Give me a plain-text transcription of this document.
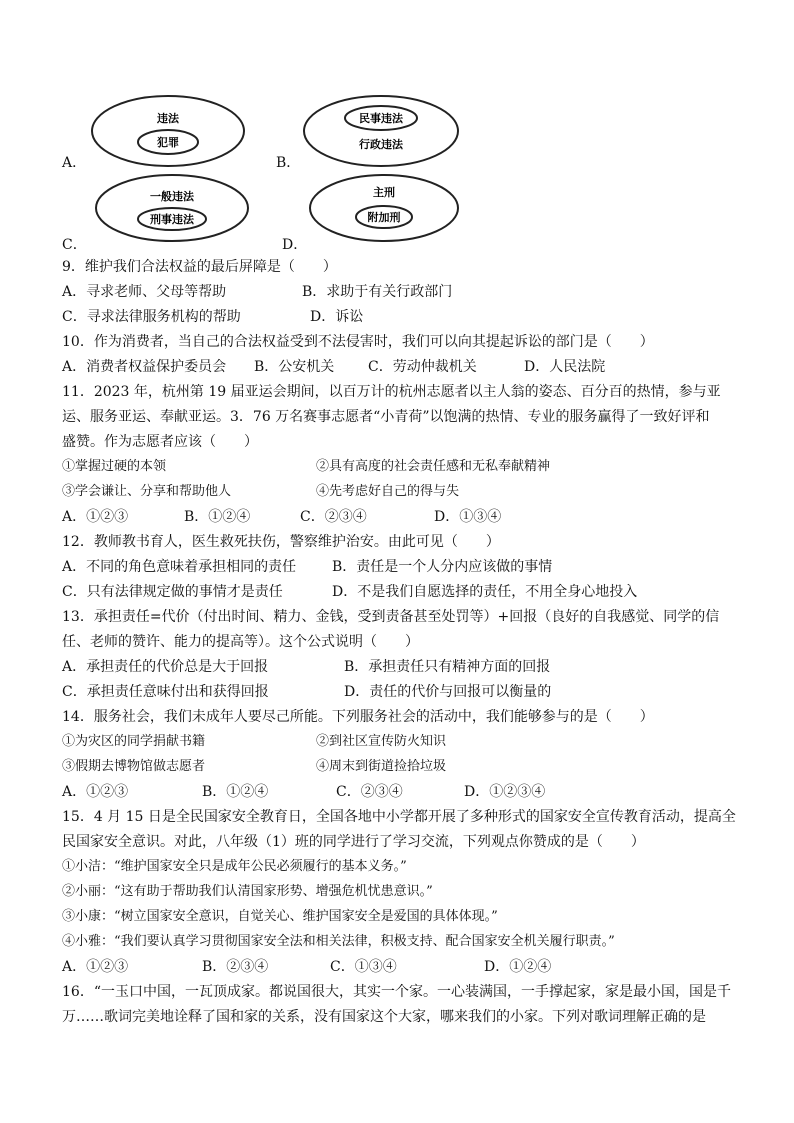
A．
违法
犯罪
B．
民事违法
行政违法
C．
一般违法
刑事违法
D．
主刑
附加刑
9．维护我们合法权益的最后屏障是（　　）
A．寻求老师、父母等帮助	B．求助于有关行政部门
C．寻求法律服务机构的帮助	D．诉讼
10．作为消费者，当自己的合法权益受到不法侵害时，我们可以向其提起诉讼的部门是（　　）
A．消费者权益保护委员会 B．公安机关 C．劳动仲裁机关	D．人民法院
11．2023 年，杭州第 19 届亚运会期间，以百万计的杭州志愿者以主人翁的姿态、百分百的热情，参与亚
运、服务亚运、奉献亚运。3．76 万名赛事志愿者“小青荷”以饱满的热情、专业的服务赢得了一致好评和
盛赞。作为志愿者应该（　　）
①掌握过硬的本领	②具有高度的社会责任感和无私奉献精神
③学会谦让、分享和帮助他人	④先考虑好自己的得与失
A．①②③	B．①②④	C．②③④	D．①③④
12．教师教书育人，医生救死扶伤，警察维护治安。由此可见（　　）
A．不同的角色意味着承担相同的责任	B．责任是一个人分内应该做的事情
C．只有法律规定做的事情才是责任	D．不是我们自愿选择的责任，不用全身心地投入
13．承担责任=代价（付出时间、精力、金钱，受到责备甚至处罚等）+回报（良好的自我感觉、同学的信
任、老师的赞许、能力的提高等）。这个公式说明（　　）
A．承担责任的代价总是大于回报	B．承担责任只有精神方面的回报
C．承担责任意味付出和获得回报	D．责任的代价与回报可以衡量的
14．服务社会，我们未成年人要尽己所能。下列服务社会的活动中，我们能够参与的是（　　）
①为灾区的同学捐献书籍	②到社区宣传防火知识
③假期去博物馆做志愿者	④周末到街道捡拾垃圾
A．①②③	B．①②④	C．②③④	D．①②③④
15．4 月 15 日是全民国家安全教育日，全国各地中小学都开展了多种形式的国家安全宣传教育活动，提高全
民国家安全意识。对此，八年级（1）班的同学进行了学习交流，下列观点你赞成的是（　　）
①小洁：“维护国家安全只是成年公民必须履行的基本义务。”
②小丽：“这有助于帮助我们认清国家形势、增强危机忧患意识。”
③小康：“树立国家安全意识，自觉关心、维护国家安全是爱国的具体体现。”
④小雅：“我们要认真学习贯彻国家安全法和相关法律，积极支持、配合国家安全机关履行职责。”
A．①②③	B．②③④	C．①③④	D．①②④
16．“一玉口中国，一瓦顶成家。都说国很大，其实一个家。一心装满国，一手撑起家，家是最小国，国是千
万……歌词完美地诠释了国和家的关系，没有国家这个大家，哪来我们的小家。下列对歌词理解正确的是
